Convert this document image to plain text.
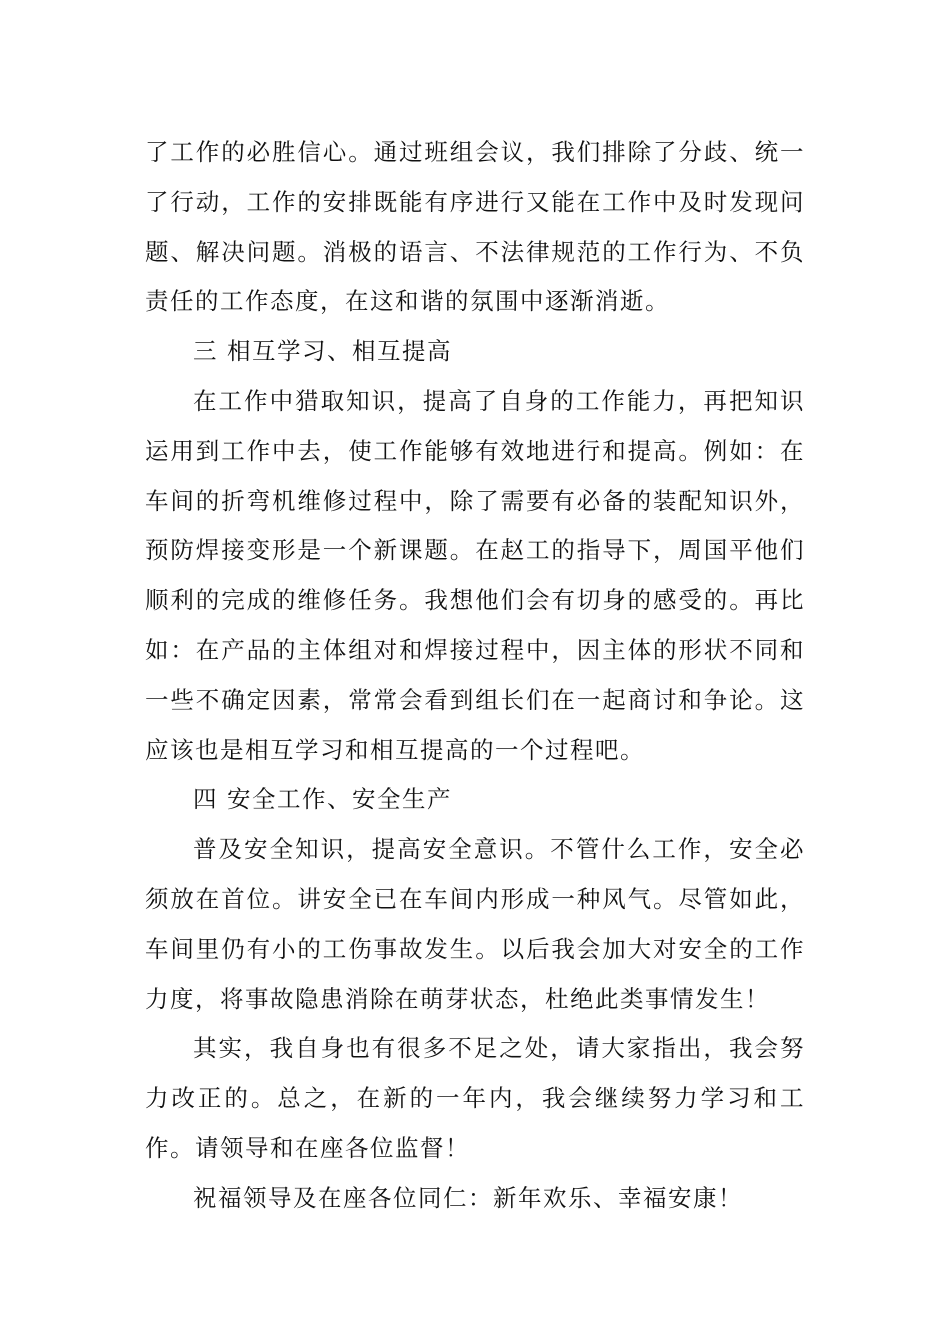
了工作的必胜信心。通过班组会议，我们排除了分歧、统一了行动，工作的安排既能有序进行又能在工作中及时发现问题、解决问题。消极的语言、不法律规范的工作行为、不负责任的工作态度，在这和谐的氛围中逐渐消逝。

三 相互学习、相互提高

在工作中猎取知识，提高了自身的工作能力，再把知识运用到工作中去，使工作能够有效地进行和提高。例如：在车间的折弯机维修过程中，除了需要有必备的装配知识外，预防焊接变形是一个新课题。在赵工的指导下，周国平他们顺利的完成的维修任务。我想他们会有切身的感受的。再比如：在产品的主体组对和焊接过程中，因主体的形状不同和一些不确定因素，常常会看到组长们在一起商讨和争论。这应该也是相互学习和相互提高的一个过程吧。

四 安全工作、安全生产

普及安全知识，提高安全意识。不管什么工作，安全必须放在首位。讲安全已在车间内形成一种风气。尽管如此，车间里仍有小的工伤事故发生。以后我会加大对安全的工作力度，将事故隐患消除在萌芽状态，杜绝此类事情发生！

其实，我自身也有很多不足之处，请大家指出，我会努力改正的。总之，在新的一年内，我会继续努力学习和工作。请领导和在座各位监督！

祝福领导及在座各位同仁：新年欢乐、幸福安康！
